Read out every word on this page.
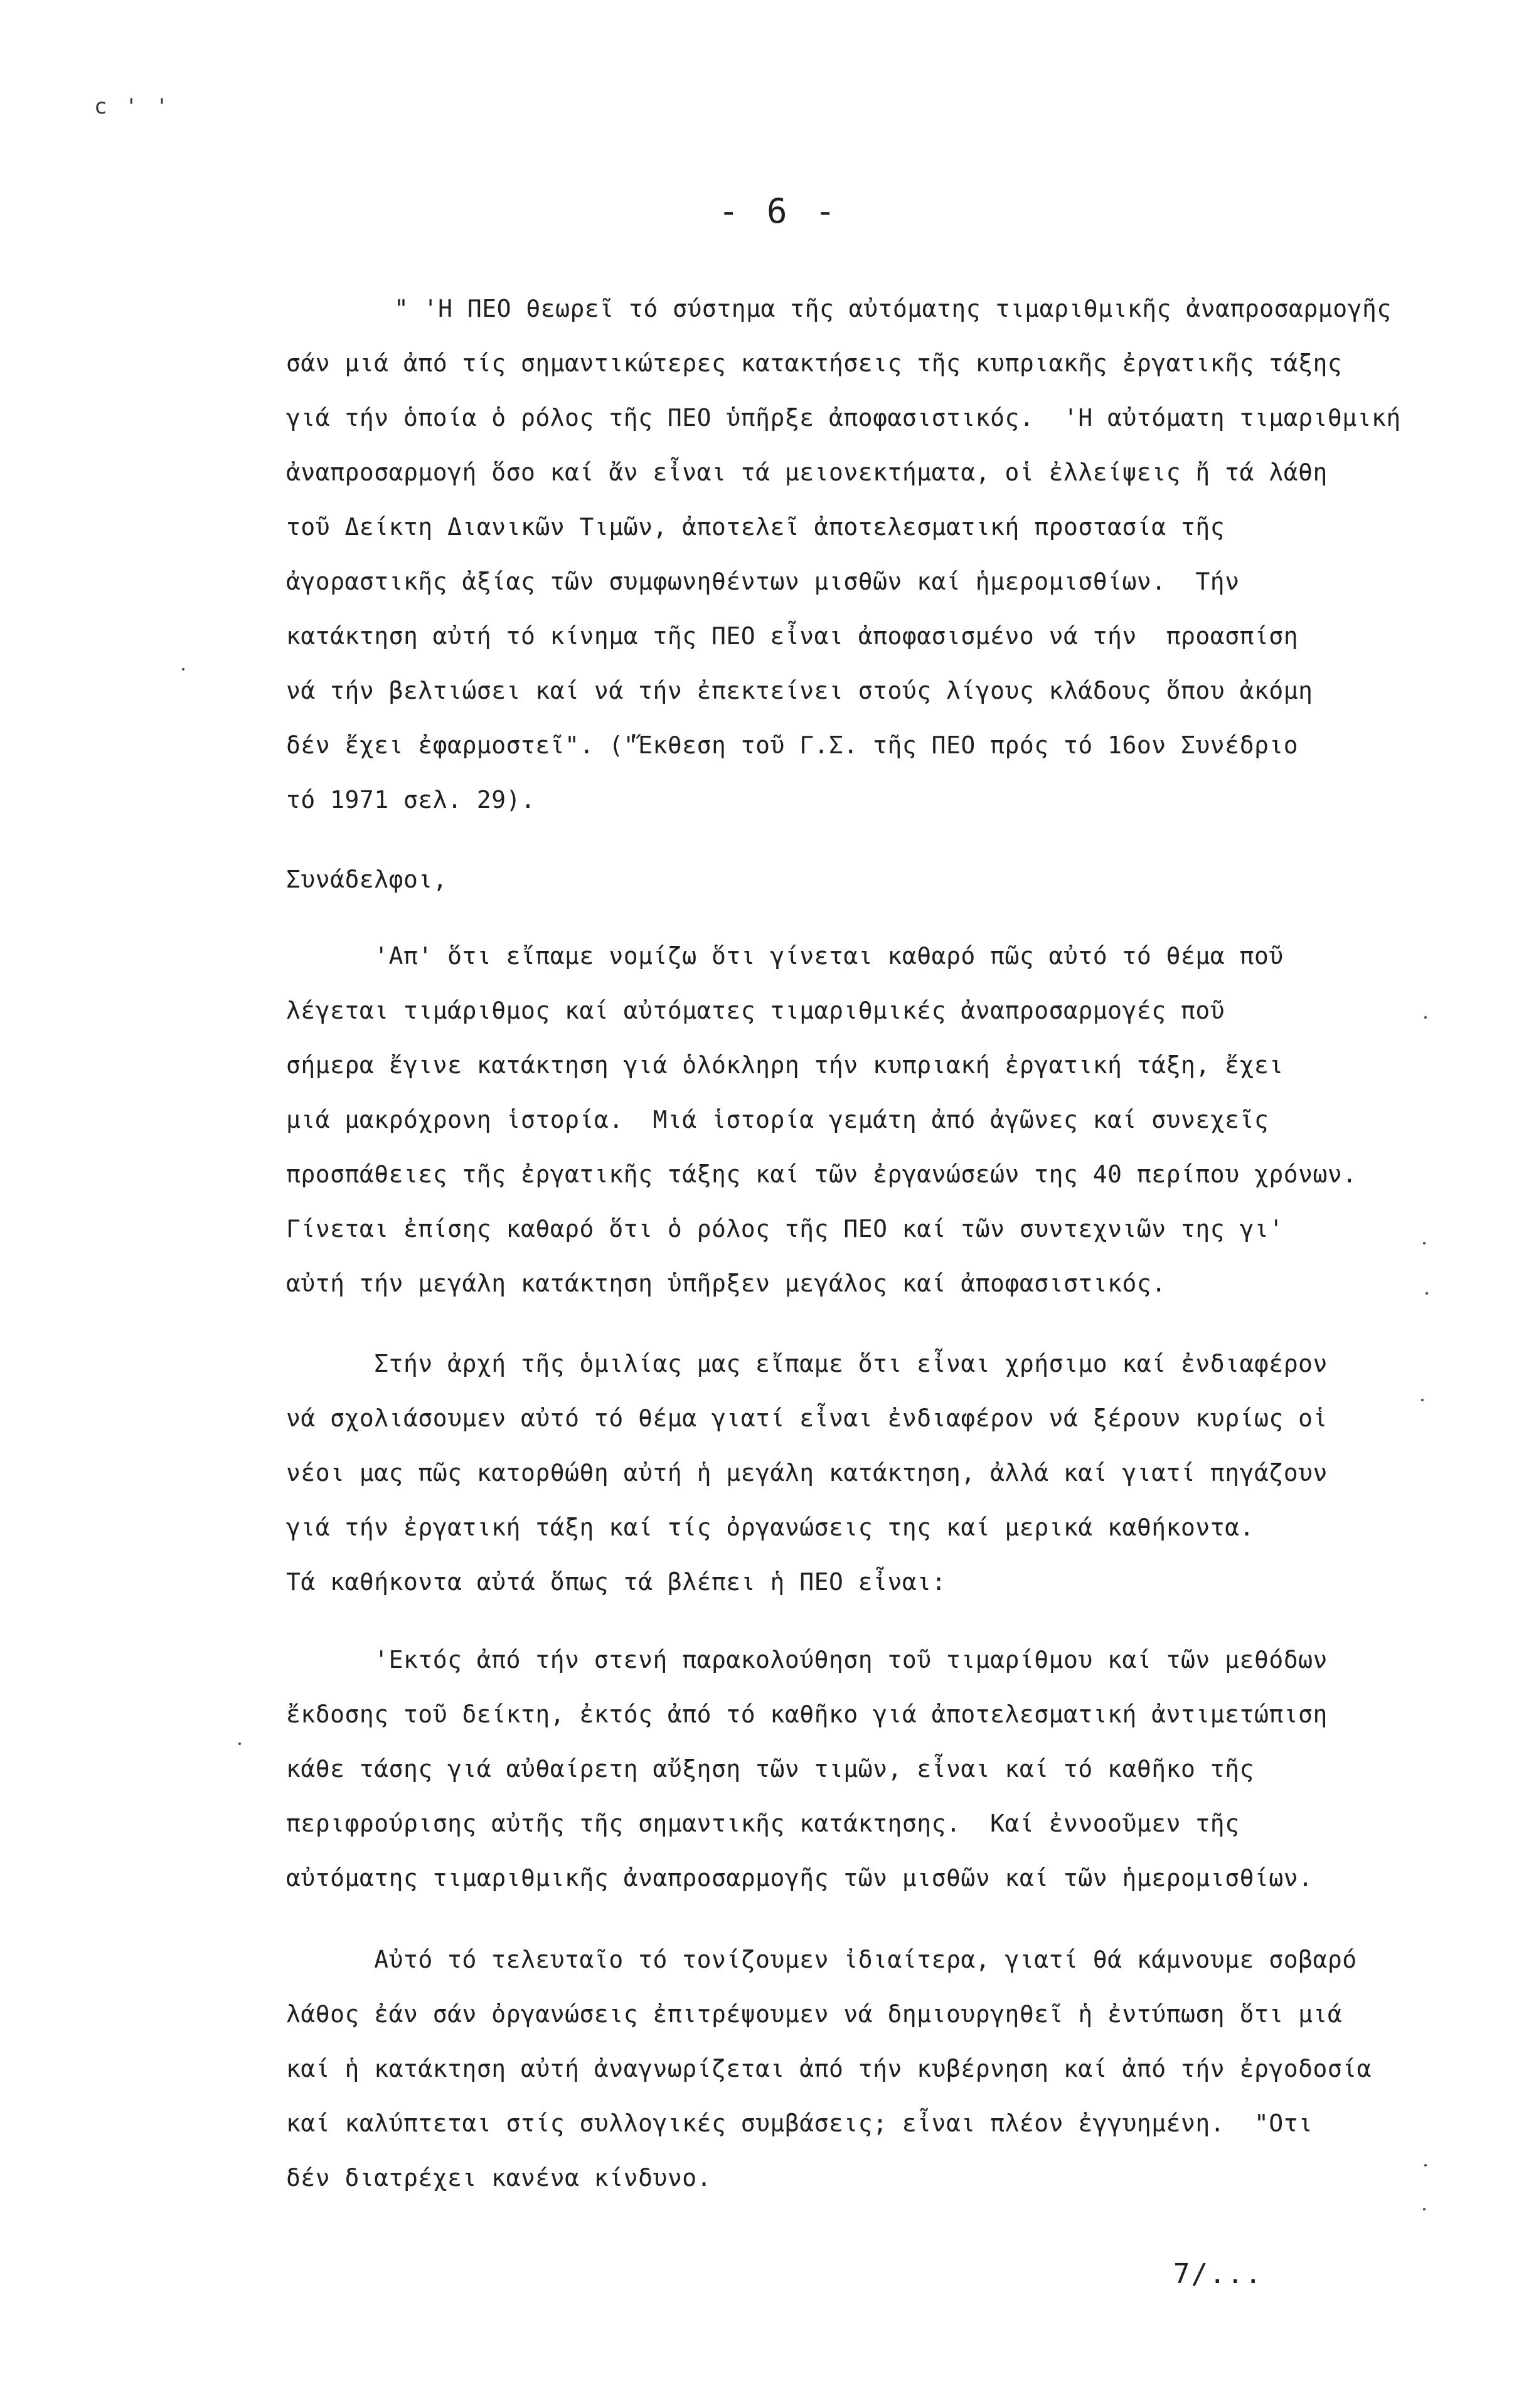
c ' '
- 6 -
" 'Η ΠΕΟ θεωρεῖ τό σύστημα τῆς αὐτόματης τιμαριθμικῆς ἀναπροσαρμογῆς
σάν μιά ἀπό τίς σημαντικώτερες κατακτήσεις τῆς κυπριακῆς ἐργατικῆς τάξης
γιά τήν ὁποία ὁ ρόλος τῆς ΠΕΟ ὑπῆρξε ἀποφασιστικός.  'Η αὐτόματη τιμαριθμική
ἀναπροσαρμογή ὅσο καί ἄν εἶναι τά μειονεκτήματα, οἱ ἐλλείψεις ἤ τά λάθη
τοῦ Δείκτη Διανικῶν Τιμῶν, ἀποτελεῖ ἀποτελεσματική προστασία τῆς
ἀγοραστικῆς ἀξίας τῶν συμφωνηθέντων μισθῶν καί ἡμερομισθίων.  Τήν
κατάκτηση αὐτή τό κίνημα τῆς ΠΕΟ εἶναι ἀποφασισμένο νά τήν  προασπίση
νά τήν βελτιώσει καί νά τήν ἐπεκτείνει στούς λίγους κλάδους ὅπου ἀκόμη
δέν ἔχει ἐφαρμοστεῖ". ("Ἔκθεση τοῦ Γ.Σ. τῆς ΠΕΟ πρός τό 16ον Συνέδριο
τό 1971 σελ. 29).
Συνάδελφοι,
'Απ' ὅτι εἴπαμε νομίζω ὅτι γίνεται καθαρό πῶς αὐτό τό θέμα ποῦ
λέγεται τιμάριθμος καί αὐτόματες τιμαριθμικές ἀναπροσαρμογές ποῦ
σήμερα ἔγινε κατάκτηση γιά ὁλόκληρη τήν κυπριακή ἐργατική τάξη, ἔχει
μιά μακρόχρονη ἱστορία.  Μιά ἱστορία γεμάτη ἀπό ἀγῶνες καί συνεχεῖς
προσπάθειες τῆς ἐργατικῆς τάξης καί τῶν ἐργανώσεών της 40 περίπου χρόνων.
Γίνεται ἐπίσης καθαρό ὅτι ὁ ρόλος τῆς ΠΕΟ καί τῶν συντεχνιῶν της γι'
αὐτή τήν μεγάλη κατάκτηση ὑπῆρξεν μεγάλος καί ἀποφασιστικός.
Στήν ἀρχή τῆς ὁμιλίας μας εἴπαμε ὅτι εἶναι χρήσιμο καί ἐνδιαφέρον
νά σχολιάσουμεν αὐτό τό θέμα γιατί εἶναι ἐνδιαφέρον νά ξέρουν κυρίως οἱ
νέοι μας πῶς κατορθώθη αὐτή ἡ μεγάλη κατάκτηση, ἀλλά καί γιατί πηγάζουν
γιά τήν ἐργατική τάξη καί τίς ὀργανώσεις της καί μερικά καθήκοντα.
Τά καθήκοντα αὐτά ὅπως τά βλέπει ἡ ΠΕΟ εἶναι:
'Εκτός ἀπό τήν στενή παρακολούθηση τοῦ τιμαρίθμου καί τῶν μεθόδων
ἔκδοσης τοῦ δείκτη, ἐκτός ἀπό τό καθῆκο γιά ἀποτελεσματική ἀντιμετώπιση
κάθε τάσης γιά αὐθαίρετη αὔξηση τῶν τιμῶν, εἶναι καί τό καθῆκο τῆς
περιφρούρισης αὐτῆς τῆς σημαντικῆς κατάκτησης.  Καί ἐννοοῦμεν τῆς
αὐτόματης τιμαριθμικῆς ἀναπροσαρμογῆς τῶν μισθῶν καί τῶν ἡμερομισθίων.
Αὐτό τό τελευταῖο τό τονίζουμεν ἰδιαίτερα, γιατί θά κάμνουμε σοβαρό
λάθος ἐάν σάν ὀργανώσεις ἐπιτρέψουμεν νά δημιουργηθεῖ ἡ ἐντύπωση ὅτι μιά
καί ἡ κατάκτηση αὐτή ἀναγνωρίζεται ἀπό τήν κυβέρνηση καί ἀπό τήν ἐργοδοσία
καί καλύπτεται στίς συλλογικές συμβάσεις; εἶναι πλέον ἐγγυημένη.  "Οτι
δέν διατρέχει κανένα κίνδυνο.
7/...
